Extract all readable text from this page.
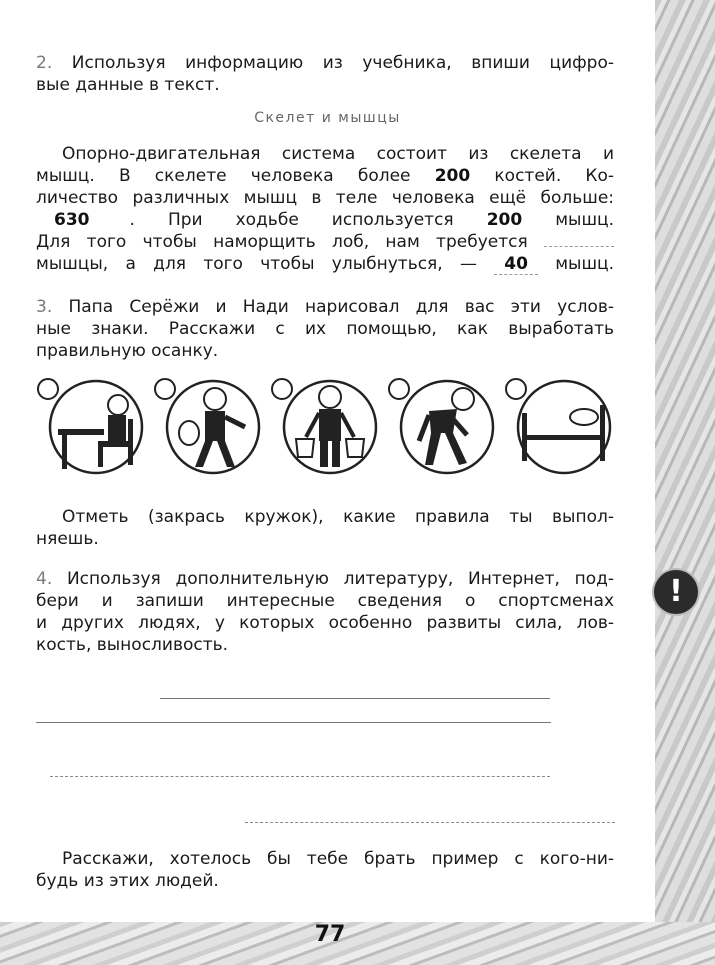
!
2. Используя информацию из учебника, впиши цифро-
вые данные в текст.
Скелет и мышцы
Опорно-двигательная система состоит из скелета и
мышц. В скелете человека более 200 костей. Ко-
личество различных мышц в теле человека ещё больше:
630 . При ходьбе используется 200 мышц.
Для того чтобы наморщить лоб, нам требуется
мышцы, а для того чтобы улыбнуться, — 40 мышц.
3. Папа Серёжи и Нади нарисовал для вас эти услов-
ные знаки. Расскажи с их помощью, как выработать
правильную осанку.
Отметь (закрась кружок), какие правила ты выпол-
няешь.
4. Используя дополнительную литературу, Интернет, под-
бери и запиши интересные сведения о спортсменах
и других людях, у которых особенно развиты сила, лов-
кость, выносливость.
Расскажи, хотелось бы тебе брать пример с кого-ни-
будь из этих людей.
77
